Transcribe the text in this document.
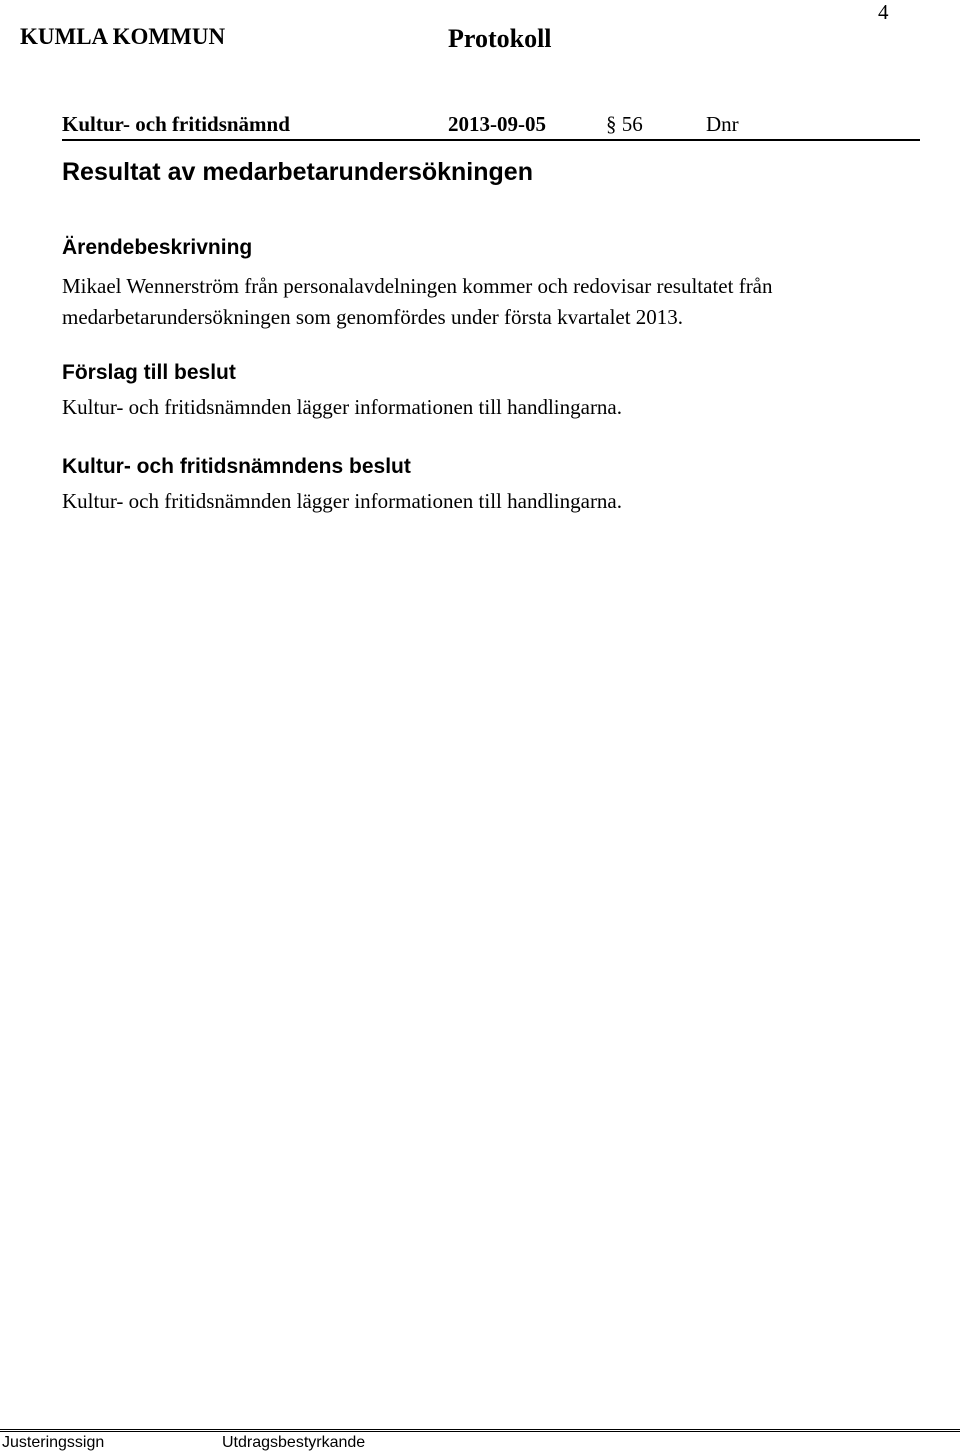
KUMLA KOMMUN	Protokoll
4
Kultur- och fritidsnämnd	2013-09-05	§ 56	Dnr
Resultat av medarbetarundersökningen
Ärendebeskrivning
Mikael Wennerström från personalavdelningen kommer och redovisar resultatet från
medarbetarundersökningen som genomfördes under första kvartalet 2013.
Förslag till beslut
Kultur- och fritidsnämnden lägger informationen till handlingarna.
Kultur- och fritidsnämndens beslut
Kultur- och fritidsnämnden lägger informationen till handlingarna.
Justeringssign	Utdragsbestyrkande
